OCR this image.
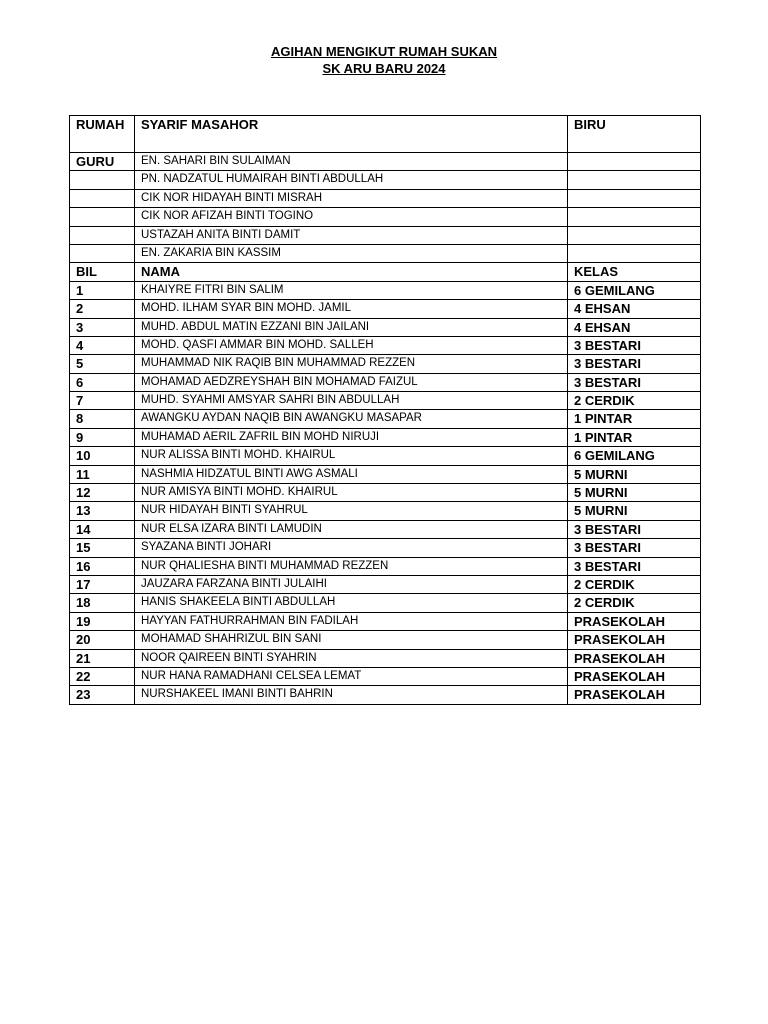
AGIHAN MENGIKUT RUMAH SUKAN
SK ARU BARU 2024
RUMAH	SYARIF MASAHOR	BIRU
GURU	EN. SAHARI BIN SULAIMAN	
	PN. NADZATUL HUMAIRAH BINTI ABDULLAH	
	CIK NOR HIDAYAH BINTI MISRAH	
	CIK NOR AFIZAH BINTI TOGINO	
	USTAZAH ANITA BINTI DAMIT	
	EN. ZAKARIA BIN KASSIM	
BIL	NAMA	KELAS
1	KHAIYRE FITRI BIN SALIM	6 GEMILANG
2	MOHD. ILHAM SYAR BIN MOHD. JAMIL	4 EHSAN
3	MUHD. ABDUL MATIN EZZANI BIN JAILANI	4 EHSAN
4	MOHD. QASFI AMMAR BIN MOHD. SALLEH	3 BESTARI
5	MUHAMMAD NIK RAQIB BIN MUHAMMAD REZZEN	3 BESTARI
6	MOHAMAD AEDZREYSHAH BIN MOHAMAD FAIZUL	3 BESTARI
7	MUHD. SYAHMI AMSYAR SAHRI BIN ABDULLAH	2 CERDIK
8	AWANGKU AYDAN NAQIB BIN AWANGKU MASAPAR	1 PINTAR
9	MUHAMAD AERIL ZAFRIL BIN MOHD NIRUJI	1 PINTAR
10	NUR ALISSA BINTI MOHD. KHAIRUL	6 GEMILANG
11	NASHMIA HIDZATUL BINTI AWG ASMALI	5 MURNI
12	NUR AMISYA BINTI MOHD. KHAIRUL	5 MURNI
13	NUR HIDAYAH BINTI SYAHRUL	5 MURNI
14	NUR ELSA IZARA BINTI LAMUDIN	3 BESTARI
15	SYAZANA BINTI JOHARI	3 BESTARI
16	NUR QHALIESHA BINTI MUHAMMAD REZZEN	3 BESTARI
17	JAUZARA FARZANA BINTI JULAIHI	2 CERDIK
18	HANIS SHAKEELA BINTI ABDULLAH	2 CERDIK
19	HAYYAN FATHURRAHMAN BIN FADILAH	PRASEKOLAH
20	MOHAMAD SHAHRIZUL BIN SANI	PRASEKOLAH
21	NOOR QAIREEN BINTI SYAHRIN	PRASEKOLAH
22	NUR HANA RAMADHANI CELSEA LEMAT	PRASEKOLAH
23	NURSHAKEEL IMANI BINTI BAHRIN	PRASEKOLAH
